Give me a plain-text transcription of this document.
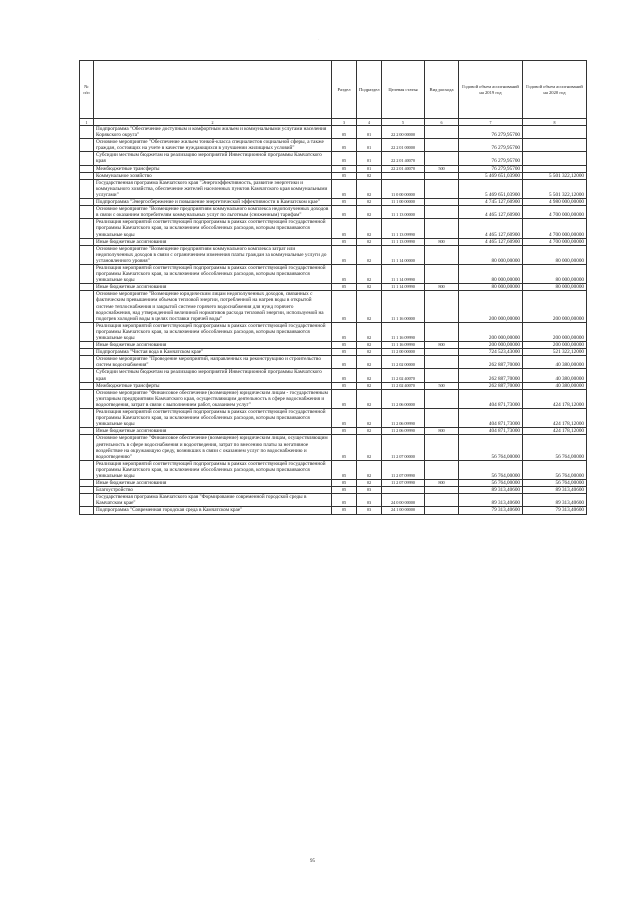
·
№ п/п		Раздел	Подраздел	Целевая статья	Вид расхода	Годовой объем ассигнований на 2019 год	Годовой объем ассигнований на 2020 год
1	2	3	4	5	6	7	8
	Подпрограмма "Обеспечение доступным и комфортным жильем и коммунальными услугами населения Корякского округа"	05	01	22 2 00 00000		76 279,95700	
	Основное мероприятие "Обеспечение жильем тонкой-класса специалистов социальной сферы, а также граждан, состоящих на учете в качестве нуждающихся в улучшении жилищных условий"	05	01	22 2 01 00000		76 279,95700	
	Субсидии местным бюджетам на реализацию мероприятий Инвестиционной программы Камчатского края	05	01	22 2 01 40070		76 279,95700	
	Межбюджетные трансферты	05	01	22 2 01 40070	500	76 279,95700	
	Коммунальное хозяйство	05	02			5 469 651,03900	5 501 322,12000
	Государственная программа Камчатского края "Энергоэффективность, развитие энергетики и коммунального хозяйства, обеспечение жителей населенных пунктов Камчатского края коммунальными услугами"	05	02	11 0 00 00000		5 469 651,03900	5 501 322,12000
	Подпрограмма "Энергосбережение и повышение энергетической эффективности в Камчатском крае"	05	02	11 1 00 00000		4 745 127,60900	4 980 000,00000
	Основное мероприятие "Возмещение предприятиям коммунального комплекса недополученных доходов в связи с оказанием потребителям коммунальных услуг по льготным (сниженным) тарифам"	05	02	11 1 13 00000		4 465 127,60900	4 700 000,00000
	Реализация мероприятий соответствующей подпрограммы в рамках соответствующей государственной программы Камчатского края, за исключением обособленных расходов, которым присваиваются уникальные коды	05	02	11 1 13 09990		4 465 127,60900	4 700 000,00000
	Иные бюджетные ассигнования	05	02	11 1 13 09990	800	4 465 127,60900	4 700 000,00000
	Основное мероприятие "Возмещение предприятиям коммунального комплекса затрат или недополученных доходов в связи с ограничением изменения платы граждан за коммунальные услуги до установленного уровня"	05	02	11 1 14 00000		80 000,00000	80 000,00000
	Реализация мероприятий соответствующей подпрограммы в рамках соответствующей государственной программы Камчатского края, за исключением обособленных расходов, которым присваиваются уникальные коды	05	02	11 1 14 09990		80 000,00000	80 000,00000
	Иные бюджетные ассигнования	05	02	11 1 14 09990	800	80 000,00000	80 000,00000
	Основное мероприятие "Возмещение юридическим лицам недополученных доходов, связанных с фактическим превышением объемов тепловой энергии, потребленной на нагрев воды в открытой системе теплоснабжения и закрытой системе горячего водоснабжения для нужд горячего водоснабжения, над утвержденной величиной нормативов расхода тепловой энергии, используемой на подогрев холодной воды в целях поставки горячей воды"	05	02	11 1 16 00000		200 000,00000	200 000,00000
	Реализация мероприятий соответствующей подпрограммы в рамках соответствующей государственной программы Камчатского края, за исключением обособленных расходов, которым присваиваются уникальные коды	05	02	11 1 16 09990		200 000,00000	200 000,00000
	Иные бюджетные ассигнования	05	02	11 1 16 09990	800	200 000,00000	200 000,00000
	Подпрограмма "Чистая вода в Камчатском крае"	05	02	11 2 00 00000		724 523,43000	521 322,12000
	Основное мероприятие "Проведение мероприятий, направленных на реконструкцию и строительство систем водоснабжения"	05	02	11 2 02 00000		262 887,70000	40 380,00000
	Субсидии местным бюджетам на реализацию мероприятий Инвестиционной программы Камчатского края	05	02	11 2 02 40070		262 887,70000	40 380,00000
	Межбюджетные трансферты	05	02	11 2 02 40070	500	262 887,70000	40 380,00000
	Основное мероприятие "Финансовое обеспечение (возмещение) юридическим лицам - государственным унитарным предприятиям Камчатского края, осуществляющим деятельность в сфере водоснабжения и водоотведения, затрат в связи с выполнением работ, оказанием услуг"	05	02	11 2 06 00000		404 871,73000	424 178,12000
	Реализация мероприятий соответствующей подпрограммы в рамках соответствующей государственной программы Камчатского края, за исключением обособленных расходов, которым присваиваются уникальные коды	05	02	11 2 06 09990		404 871,73000	424 178,12000
	Иные бюджетные ассигнования	05	02	11 2 06 09990	800	404 871,73000	424 178,12000
	Основное мероприятие "Финансовое обеспечение (возмещение) юридическим лицам, осуществляющим деятельность в сфере водоснабжения и водоотведения, затрат по внесению платы за негативное воздействие на окружающую среду, возникших в связи с оказанием услуг по водоснабжению и водоотведению"	05	02	11 2 07 00000		56 764,00000	56 764,00000
	Реализация мероприятий соответствующей подпрограммы в рамках соответствующей государственной программы Камчатского края, за исключением обособленных расходов, которым присваиваются уникальные коды	05	02	11 2 07 09990		56 764,00000	56 764,00000
	Иные бюджетные ассигнования	05	02	11 2 07 09990	800	56 764,00000	56 764,00000
	Благоустройство	05	03			89 313,40600	89 313,40600
	Государственная программа Камчатского края "Формирование современной городской среды в Камчатском крае"	05	03	24 0 00 00000		89 313,40600	89 313,40600
	Подпрограмма "Современная городская среда в Камчатском крае"	05	03	24 1 00 00000		79 313,40600	79 313,40600
95
